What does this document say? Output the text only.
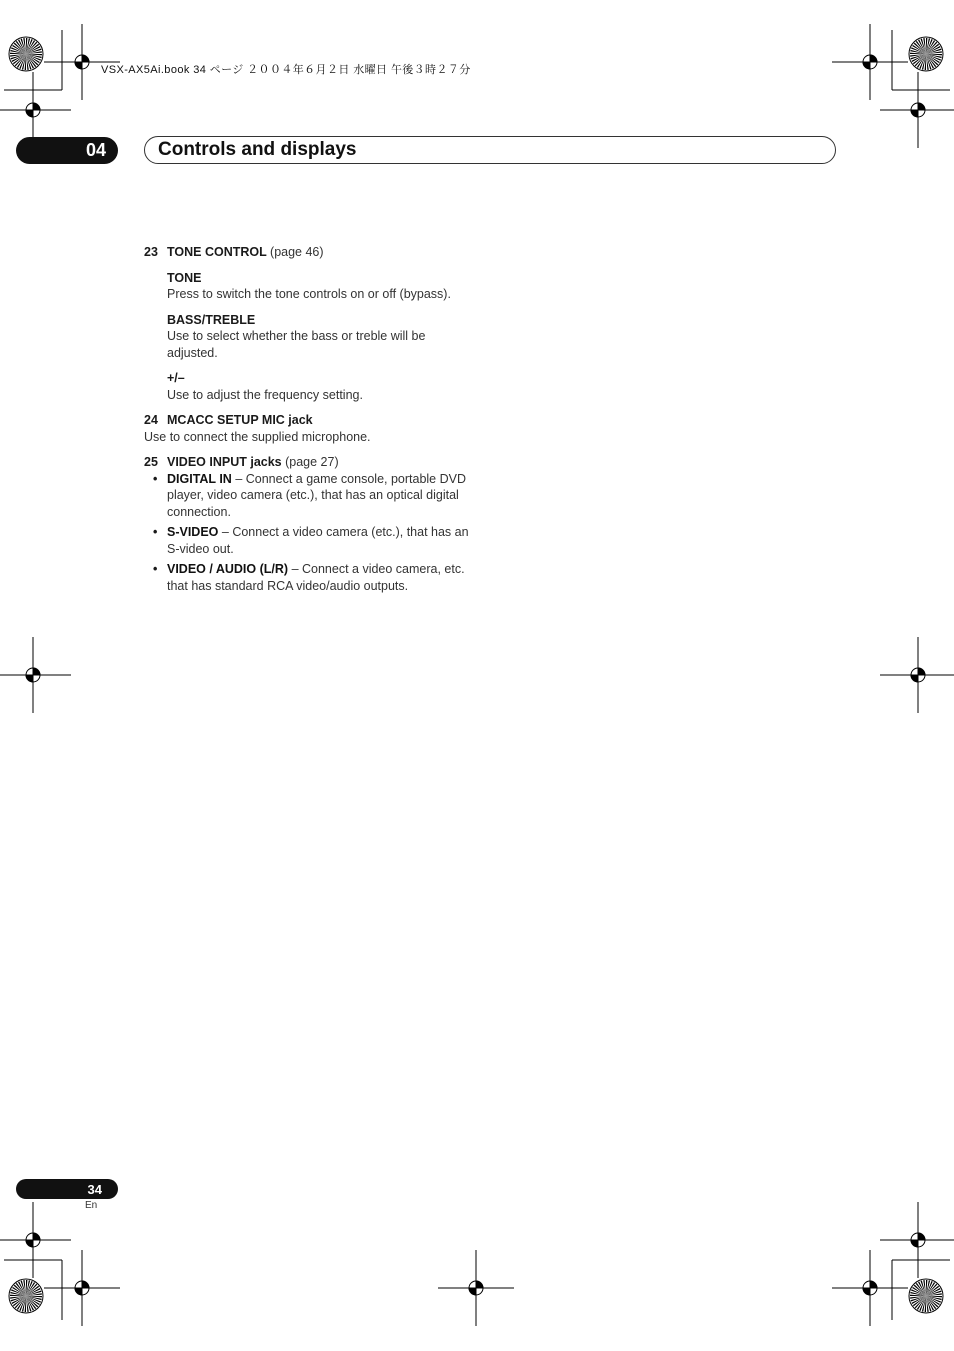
VSX-AX5Ai.book 34 ページ ２００４年６月２日 水曜日 午後３時２７分
04	Controls and displays
23 TONE CONTROL (page 46)
TONE
Press to switch the tone controls on or off (bypass).
BASS/TREBLE
Use to select whether the bass or treble will be adjusted.
+/–
Use to adjust the frequency setting.
24 MCACC SETUP MIC jack
Use to connect the supplied microphone.
25 VIDEO INPUT jacks (page 27)
• DIGITAL IN – Connect a game console, portable DVD player, video camera (etc.), that has an optical digital connection.
• S-VIDEO – Connect a video camera (etc.), that has an S-video out.
• VIDEO / AUDIO (L/R) – Connect a video camera, etc. that has standard RCA video/audio outputs.
34
En
